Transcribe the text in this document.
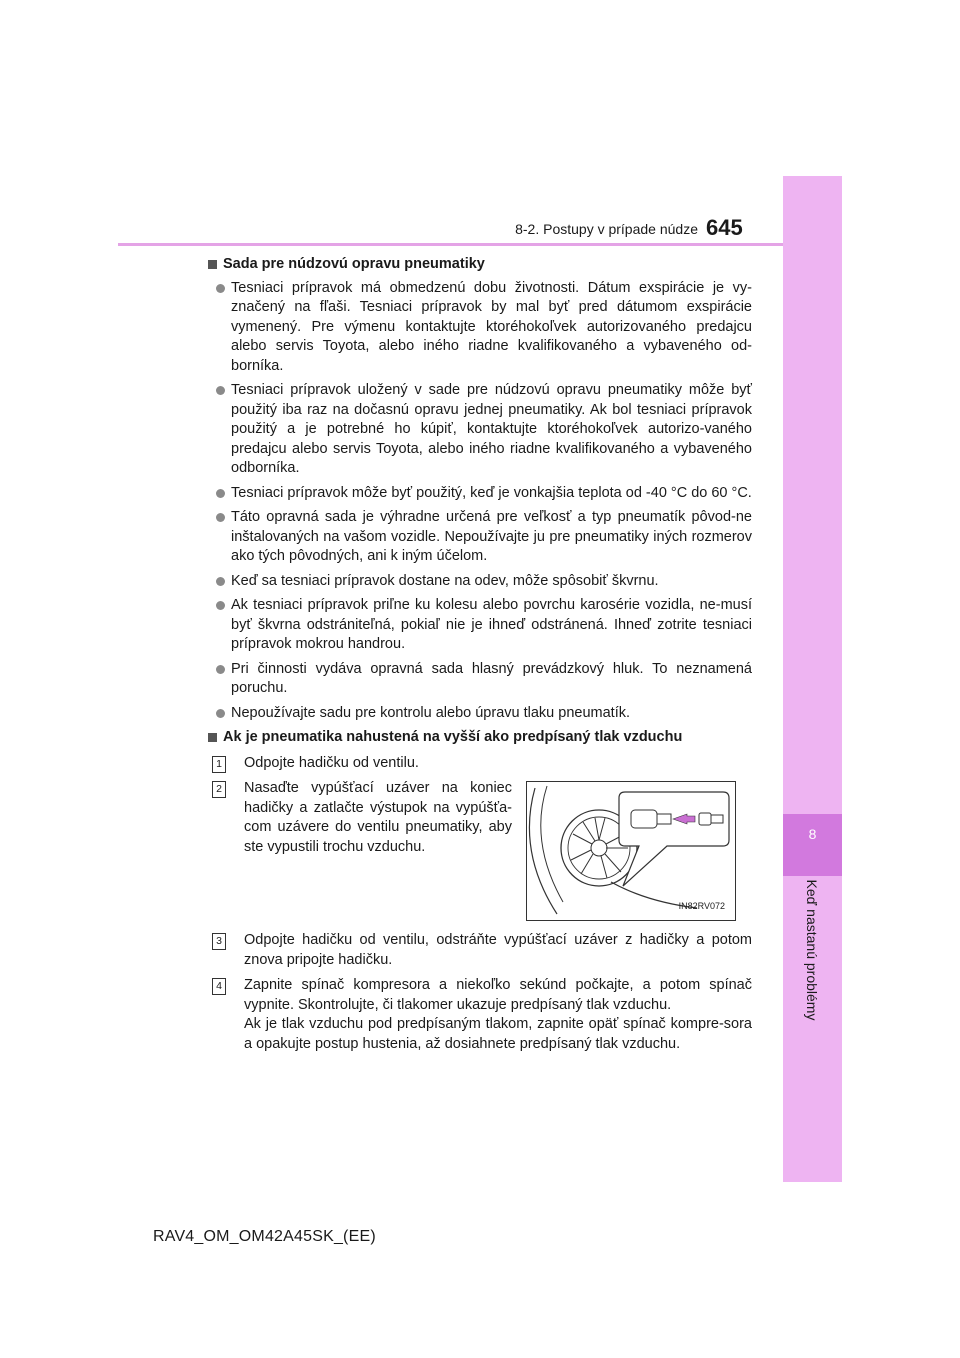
8
Keď nastanú problémy
8-2. Postupy v prípade núdze 645
Sada pre núdzovú opravu pneumatiky
Tesniaci prípravok má obmedzenú dobu životnosti. Dátum exspirácie je vy-značený na fľaši. Tesniaci prípravok by mal byť pred dátumom exspirácie vymenený. Pre výmenu kontaktujte ktoréhokoľvek autorizovaného predajcu alebo servis Toyota, alebo iného riadne kvalifikovaného a vybaveného od-borníka.
Tesniaci prípravok uložený v sade pre núdzovú opravu pneumatiky môže byť použitý iba raz na dočasnú opravu jednej pneumatiky. Ak bol tesniaci prípravok použitý a je potrebné ho kúpiť, kontaktujte ktoréhokoľvek autorizo-vaného predajcu alebo servis Toyota, alebo iného riadne kvalifikovaného a vybaveného odborníka.
Tesniaci prípravok môže byť použitý, keď je vonkajšia teplota od -40 °C do 60 °C.
Táto opravná sada je výhradne určená pre veľkosť a typ pneumatík pôvod-ne inštalovaných na vašom vozidle. Nepoužívajte ju pre pneumatiky iných rozmerov ako tých pôvodných, ani k iným účelom.
Keď sa tesniaci prípravok dostane na odev, môže spôsobiť škvrnu.
Ak tesniaci prípravok priľne ku kolesu alebo povrchu karosérie vozidla, ne-musí byť škvrna odstrániteľná, pokiaľ nie je ihneď odstránená. Ihneď zotrite tesniaci prípravok mokrou handrou.
Pri činnosti vydáva opravná sada hlasný prevádzkový hluk. To neznamená poruchu.
Nepoužívajte sadu pre kontrolu alebo úpravu tlaku pneumatík.
Ak je pneumatika nahustená na vyšší ako predpísaný tlak vzduchu
1 Odpojte hadičku od ventilu.
2 Nasaďte vypúšťací uzáver na koniec hadičky a zatlačte výstupok na vypúšťa-com uzávere do ventilu pneumatiky, aby ste vypustili trochu vzduchu.
IN82RV072
3 Odpojte hadičku od ventilu, odstráňte vypúšťací uzáver z hadičky a potom znova pripojte hadičku.
4 Zapnite spínač kompresora a niekoľko sekúnd počkajte, a potom spínač vypnite. Skontrolujte, či tlakomer ukazuje predpísaný tlak vzduchu.
Ak je tlak vzduchu pod predpísaným tlakom, zapnite opäť spínač kompre-sora a opakujte postup hustenia, až dosiahnete predpísaný tlak vzduchu.
RAV4_OM_OM42A45SK_(EE)
